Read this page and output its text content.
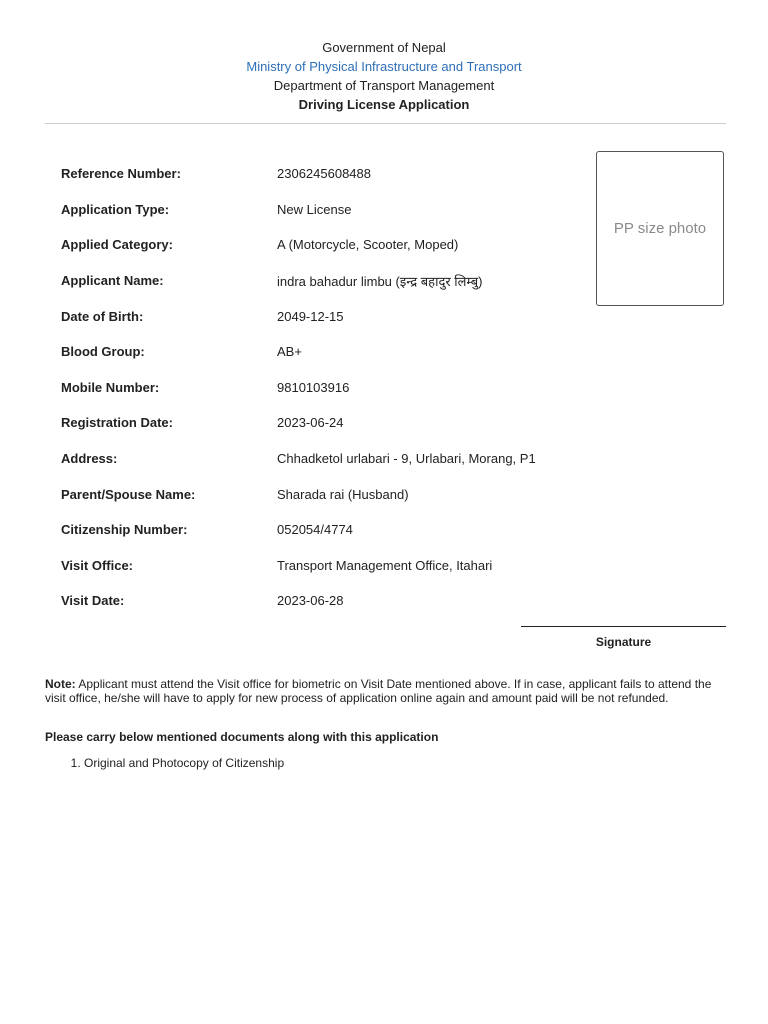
Government of Nepal
Ministry of Physical Infrastructure and Transport
Department of Transport Management
Driving License Application
Reference Number:	2306245608488
Application Type:	New License
Applied Category:	A (Motorcycle, Scooter, Moped)
Applicant Name:	indra bahadur limbu (इन्द्र बहादुर लिम्बु)
Date of Birth:	2049-12-15
Blood Group:	AB+
Mobile Number:	9810103916
Registration Date:	2023-06-24
Address:	Chhadketol urlabari - 9, Urlabari, Morang, P1
Parent/Spouse Name:	Sharada rai (Husband)
Citizenship Number:	052054/4774
Visit Office:	Transport Management Office, Itahari
Visit Date:	2023-06-28
PP size photo
Signature
Note: Applicant must attend the Visit office for biometric on Visit Date mentioned above. If in case, applicant fails to attend the visit office, he/she will have to apply for new process of application online again and amount paid will be not refunded.
Please carry below mentioned documents along with this application
1. Original and Photocopy of Citizenship
